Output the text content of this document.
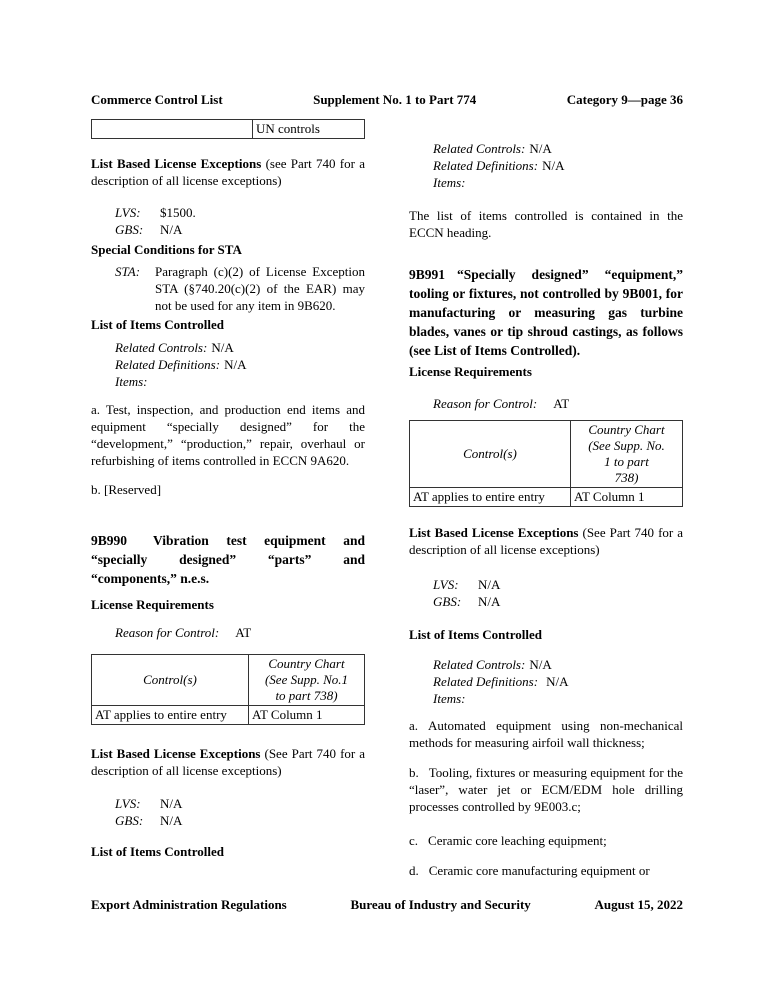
Commerce Control List	Supplement No. 1 to Part 774	Category 9—page 36
UN controls

List Based License Exceptions (see Part 740 for a description of all license exceptions)

LVS:	$1500.
GBS:	N/A

Special Conditions for STA

STA: Paragraph (c)(2) of License Exception STA (§740.20(c)(2) of the EAR) may not be used for any item in 9B620.

List of Items Controlled

Related Controls: N/A
Related Definitions: N/A
Items:

a. Test, inspection, and production end items and equipment “specially designed” for the “development,” “production,” repair, overhaul or refurbishing of items controlled in ECCN 9A620.

b. [Reserved]

9B990 Vibration test equipment and “specially designed” “parts” and “components,” n.e.s.

License Requirements

Reason for Control: AT
Control(s)	Country Chart
(See Supp. No.1
to part 738)

AT applies to entire entry	AT Column 1

List Based License Exceptions (See Part 740 for a description of all license exceptions)

LVS:	N/A
GBS:	N/A

List of Items Controlled

Related Controls: N/A
Related Definitions: N/A
Items:

The list of items controlled is contained in the ECCN heading.

9B991 “Specially designed” “equipment,” tooling or fixtures, not controlled by 9B001, for manufacturing or measuring gas turbine blades, vanes or tip shroud castings, as follows (see List of Items Controlled).

License Requirements

Reason for Control: AT
Control(s)	Country Chart
(See Supp. No.
1 to part
738)

AT applies to entire entry	AT Column 1

List Based License Exceptions (See Part 740 for a description of all license exceptions)

LVS:	N/A
GBS:	N/A

List of Items Controlled

Related Controls: N/A
Related Definitions: N/A
Items:

a. Automated equipment using non-mechanical methods for measuring airfoil wall thickness;

b. Tooling, fixtures or measuring equipment for the “laser”, water jet or ECM/EDM hole drilling processes controlled by 9E003.c;

c. Ceramic core leaching equipment;

d. Ceramic core manufacturing equipment or

Export Administration Regulations	Bureau of Industry and Security	August 15, 2022
